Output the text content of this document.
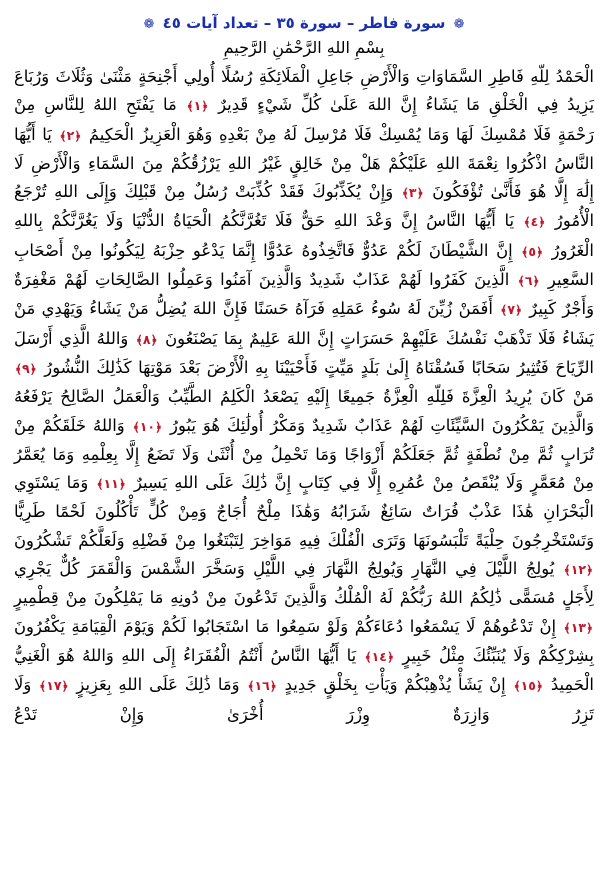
❁ سورة فاطر – سورة ٣٥ – تعداد آيات ٤٥ ❁
بِسْمِ اللهِ الرَّحْمَٰنِ الرَّحِيمِ
الْحَمْدُ لِلّهِ فَاطِرِ السَّمَاوَاتِ وَالْأَرْضِ جَاعِلِ الْمَلَائِكَةِ رُسُلًا أُولِي أَجْنِحَةٍ مَثْنَىٰ وَثُلَاثَ وَرُبَاعَ يَزِيدُ فِي الْخَلْقِ مَا يَشَاءُ إِنَّ اللهَ عَلَىٰ كُلِّ شَيْءٍ قَدِيرٌ ﴿١﴾ مَا يَفْتَحِ اللهُ لِلنَّاسِ مِنْ رَحْمَةٍ فَلَا مُمْسِكَ لَهَا وَمَا يُمْسِكْ فَلَا مُرْسِلَ لَهُ مِنْ بَعْدِهِ وَهُوَ الْعَزِيزُ الْحَكِيمُ ﴿٢﴾ يَا أَيُّهَا النَّاسُ اذْكُرُوا نِعْمَةَ اللهِ عَلَيْكُمْ هَلْ مِنْ خَالِقٍ غَيْرُ اللهِ يَرْزُقُكُمْ مِنَ السَّمَاءِ وَالْأَرْضِ لَا إِلَٰهَ إِلَّا هُوَ فَأَنَّىٰ تُؤْفَكُونَ ﴿٣﴾ وَإِنْ يُكَذِّبُوكَ فَقَدْ كُذِّبَتْ رُسُلٌ مِنْ قَبْلِكَ وَإِلَى اللهِ تُرْجَعُ الْأُمُورُ ﴿٤﴾ يَا أَيُّهَا النَّاسُ إِنَّ وَعْدَ اللهِ حَقٌّ فَلَا تَغُرَّنَّكُمُ الْحَيَاةُ الدُّنْيَا وَلَا يَغُرَّنَّكُمْ بِاللهِ الْغَرُورُ ﴿٥﴾ إِنَّ الشَّيْطَانَ لَكُمْ عَدُوٌّ فَاتَّخِذُوهُ عَدُوًّا إِنَّمَا يَدْعُو حِزْبَهُ لِيَكُونُوا مِنْ أَصْحَابِ السَّعِيرِ ﴿٦﴾ الَّذِينَ كَفَرُوا لَهُمْ عَذَابٌ شَدِيدٌ وَالَّذِينَ آمَنُوا وَعَمِلُوا الصَّالِحَاتِ لَهُمْ مَغْفِرَةٌ وَأَجْرٌ كَبِيرٌ ﴿٧﴾ أَفَمَنْ زُيِّنَ لَهُ سُوءُ عَمَلِهِ فَرَآهُ حَسَنًا فَإِنَّ اللهَ يُضِلُّ مَنْ يَشَاءُ وَيَهْدِي مَنْ يَشَاءُ فَلَا تَذْهَبْ نَفْسُكَ عَلَيْهِمْ حَسَرَاتٍ إِنَّ اللهَ عَلِيمٌ بِمَا يَصْنَعُونَ ﴿٨﴾ وَاللهُ الَّذِي أَرْسَلَ الرِّيَاحَ فَتُثِيرُ سَحَابًا فَسُقْنَاهُ إِلَىٰ بَلَدٍ مَيِّتٍ فَأَحْيَيْنَا بِهِ الْأَرْضَ بَعْدَ مَوْتِهَا كَذَٰلِكَ النُّشُورُ ﴿٩﴾ مَنْ كَانَ يُرِيدُ الْعِزَّةَ فَلِلّهِ الْعِزَّةُ جَمِيعًا إِلَيْهِ يَصْعَدُ الْكَلِمُ الطَّيِّبُ وَالْعَمَلُ الصَّالِحُ يَرْفَعُهُ وَالَّذِينَ يَمْكُرُونَ السَّيِّئَاتِ لَهُمْ عَذَابٌ شَدِيدٌ وَمَكْرُ أُولَٰئِكَ هُوَ يَبُورُ ﴿١٠﴾ وَاللهُ خَلَقَكُمْ مِنْ تُرَابٍ ثُمَّ مِنْ نُطْفَةٍ ثُمَّ جَعَلَكُمْ أَزْوَاجًا وَمَا تَحْمِلُ مِنْ أُنْثَىٰ وَلَا تَضَعُ إِلَّا بِعِلْمِهِ وَمَا يُعَمَّرُ مِنْ مُعَمَّرٍ وَلَا يُنْقَصُ مِنْ عُمُرِهِ إِلَّا فِي كِتَابٍ إِنَّ ذَٰلِكَ عَلَى اللهِ يَسِيرٌ ﴿١١﴾ وَمَا يَسْتَوِي الْبَحْرَانِ هَٰذَا عَذْبٌ فُرَاتٌ سَائِغٌ شَرَابُهُ وَهَٰذَا مِلْحٌ أُجَاجٌ وَمِنْ كُلٍّ تَأْكُلُونَ لَحْمًا طَرِيًّا وَتَسْتَخْرِجُونَ حِلْيَةً تَلْبَسُونَهَا وَتَرَى الْفُلْكَ فِيهِ مَوَاخِرَ لِتَبْتَغُوا مِنْ فَضْلِهِ وَلَعَلَّكُمْ تَشْكُرُونَ ﴿١٢﴾ يُولِجُ اللَّيْلَ فِي النَّهَارِ وَيُولِجُ النَّهَارَ فِي اللَّيْلِ وَسَخَّرَ الشَّمْسَ وَالْقَمَرَ كُلٌّ يَجْرِي لِأَجَلٍ مُسَمًّى ذَٰلِكُمُ اللهُ رَبُّكُمْ لَهُ الْمُلْكُ وَالَّذِينَ تَدْعُونَ مِنْ دُونِهِ مَا يَمْلِكُونَ مِنْ قِطْمِيرٍ ﴿١٣﴾ إِنْ تَدْعُوهُمْ لَا يَسْمَعُوا دُعَاءَكُمْ وَلَوْ سَمِعُوا مَا اسْتَجَابُوا لَكُمْ وَيَوْمَ الْقِيَامَةِ يَكْفُرُونَ بِشِرْكِكُمْ وَلَا يُنَبِّئُكَ مِثْلُ خَبِيرٍ ﴿١٤﴾ يَا أَيُّهَا النَّاسُ أَنْتُمُ الْفُقَرَاءُ إِلَى اللهِ وَاللهُ هُوَ الْغَنِيُّ الْحَمِيدُ ﴿١٥﴾ إِنْ يَشَأْ يُذْهِبْكُمْ وَيَأْتِ بِخَلْقٍ جَدِيدٍ ﴿١٦﴾ وَمَا ذَٰلِكَ عَلَى اللهِ بِعَزِيزٍ ﴿١٧﴾ وَلَا تَزِرُ وَازِرَةٌ وِزْرَ أُخْرَىٰ وَإِنْ تَدْعُ
